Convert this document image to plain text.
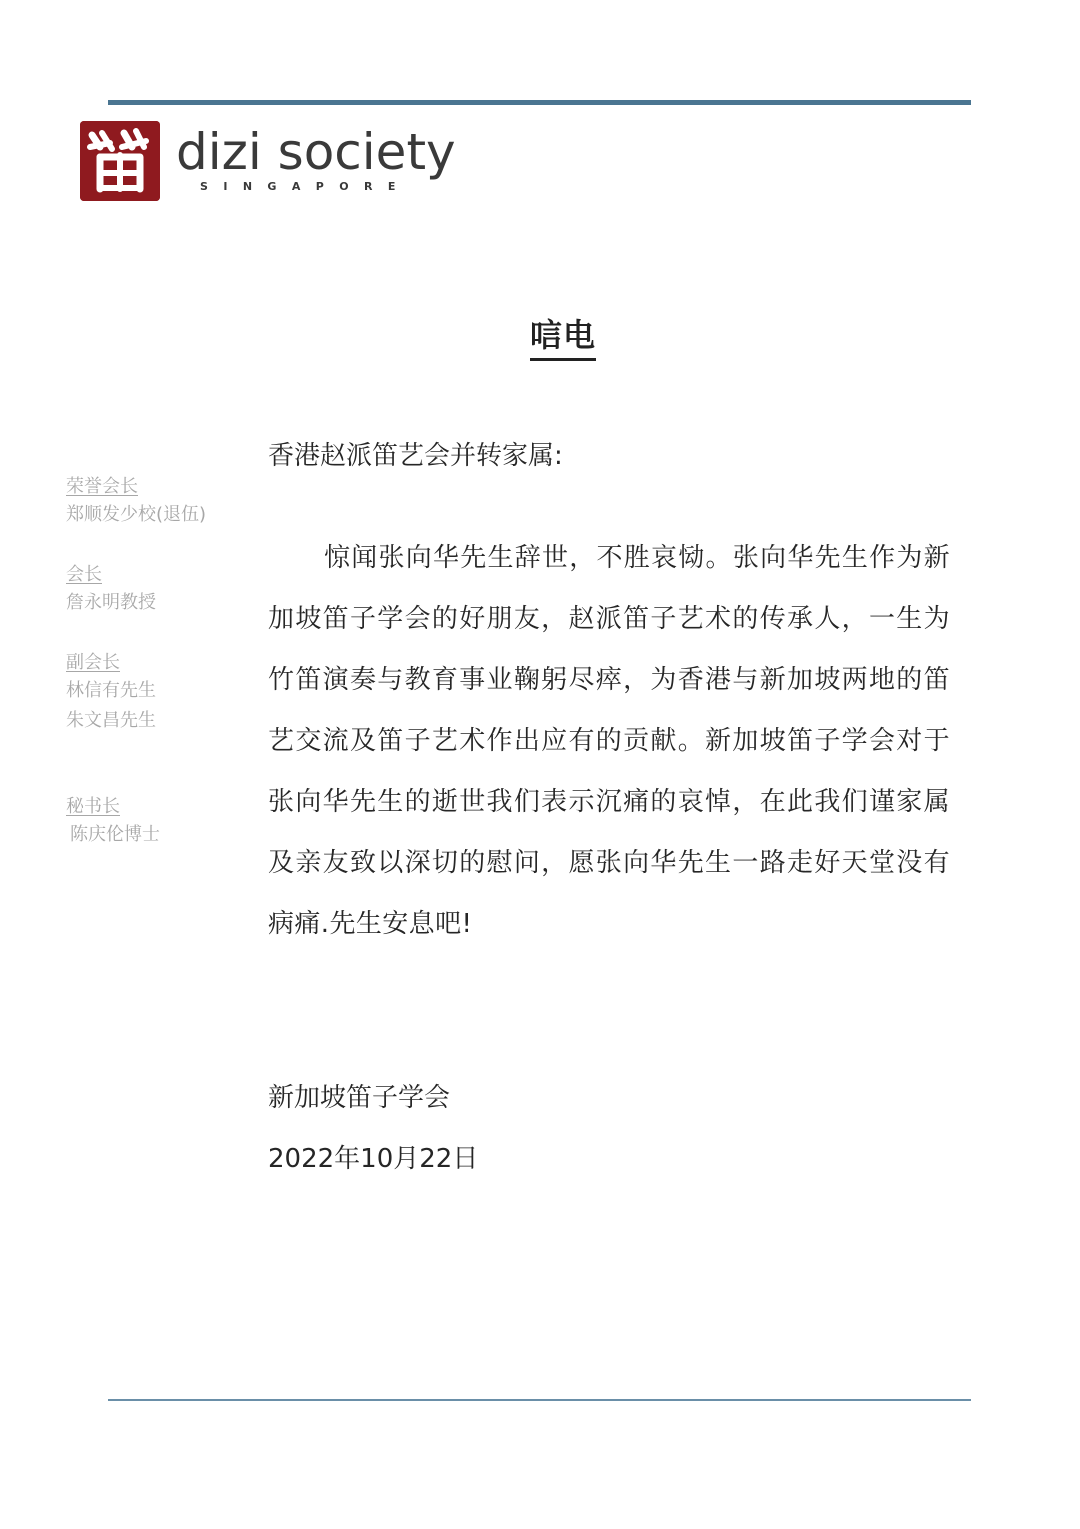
dizi society
SINGAPORE
唁电
荣誉会长
郑顺发少校(退伍)
会长
詹永明教授
副会长
林信有先生
朱文昌先生
秘书长
陈庆伦博士
香港赵派笛艺会并转家属:
惊闻张向华先生辞世，不胜哀恸。张向华先生作为新加坡笛子学会的好朋友，赵派笛子艺术的传承人，一生为竹笛演奏与教育事业鞠躬尽瘁，为香港与新加坡两地的笛艺交流及笛子艺术作出应有的贡献。新加坡笛子学会对于张向华先生的逝世我们表示沉痛的哀悼，在此我们谨家属及亲友致以深切的慰问，愿张向华先生一路走好天堂没有病痛.先生安息吧!
新加坡笛子学会
2022年10月22日
